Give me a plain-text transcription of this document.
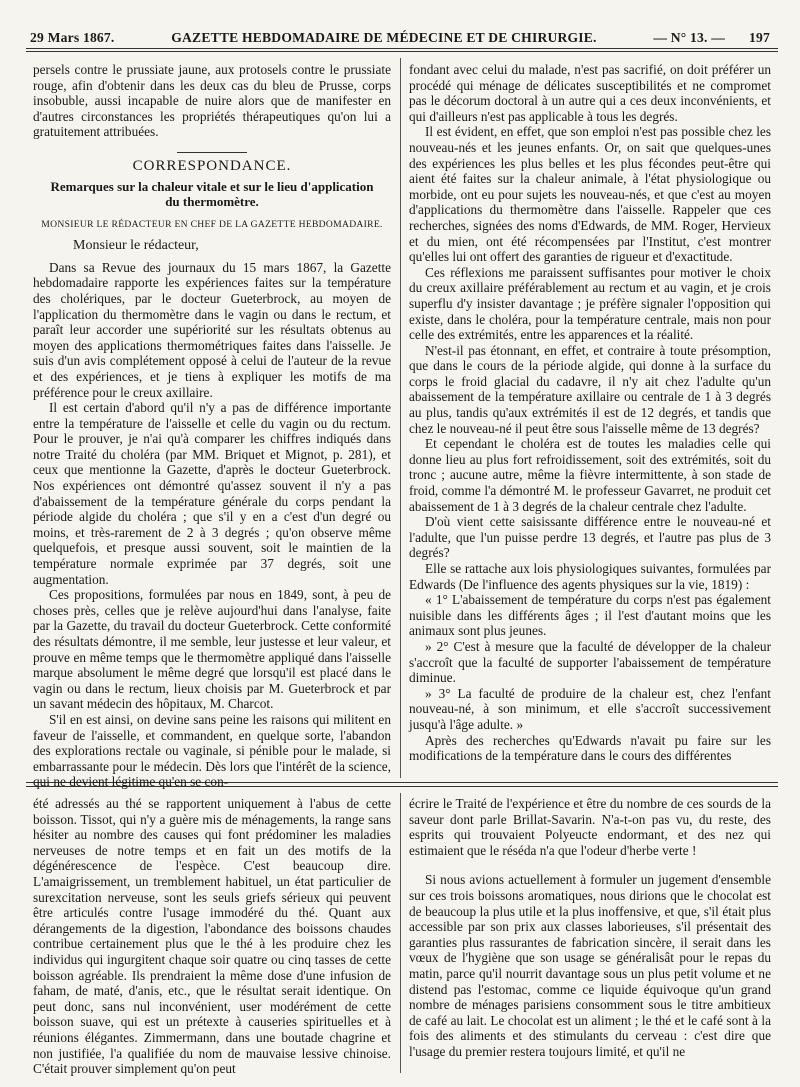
29 Mars 1867.	GAZETTE HEBDOMADAIRE DE MÉDECINE ET DE CHIRURGIE.	— N° 13. — 197

persels contre le prussiate jaune, aux protosels contre le prussiate rouge, afin d'obtenir dans les deux cas du bleu de Prusse, corps insobuble, aussi incapable de nuire alors que de manifester en d'autres circonstances les propriétés thérapeutiques qu'on lui a gratuitement attribuées.

CORRESPONDANCE.

Remarques sur la chaleur vitale et sur le lieu d'application du thermomètre.
MONSIEUR LE RÉDACTEUR EN CHEF DE LA GAZETTE HEBDOMADAIRE.

Monsieur le rédacteur,

Dans sa Revue des journaux du 15 mars 1867, la Gazette hebdomadaire rapporte les expériences faites sur la température des cholériques, par le docteur Gueterbrock, au moyen de l'application du thermomètre dans le vagin ou dans le rectum, et paraît leur accorder une supériorité sur les résultats obtenus au moyen des applications thermométriques faites dans l'aisselle. Je suis d'un avis complétement opposé à celui de l'auteur de la revue et des expériences, et je tiens à expliquer les motifs de ma préférence pour le creux axillaire.

Il est certain d'abord qu'il n'y a pas de différence importante entre la température de l'aisselle et celle du vagin ou du rectum. Pour le prouver, je n'ai qu'à comparer les chiffres indiqués dans notre Traité du choléra (par MM. Briquet et Mignot, p. 281), et ceux que mentionne la Gazette, d'après le docteur Gueterbrock. Nos expériences ont démontré qu'assez souvent il n'y a pas d'abaissement de la température générale du corps pendant la période algide du choléra ; que s'il y en a c'est d'un degré ou moins, et très-rarement de 2 à 3 degrés ; qu'on observe même quelquefois, et presque aussi souvent, soit le maintien de la température normale exprimée par 37 degrés, soit une augmentation.

Ces propositions, formulées par nous en 1849, sont, à peu de choses près, celles que je relève aujourd'hui dans l'analyse, faite par la Gazette, du travail du docteur Gueterbrock. Cette conformité des résultats démontre, il me semble, leur justesse et leur valeur, et prouve en même temps que le thermomètre appliqué dans l'aisselle marque absolument le même degré que lorsqu'il est placé dans le vagin ou dans le rectum, lieux choisis par M. Gueterbrock et par un savant médecin des hôpitaux, M. Charcot.

S'il en est ainsi, on devine sans peine les raisons qui militent en faveur de l'aisselle, et commandent, en quelque sorte, l'abandon des explorations rectale ou vaginale, si pénible pour le malade, si embarrassante pour le médecin. Dès lors que l'intérêt de la science, qui ne devient légitime qu'en se con-

fondant avec celui du malade, n'est pas sacrifié, on doit préférer un procédé qui ménage de délicates susceptibilités et ne compromet pas le décorum doctoral à un autre qui a ces deux inconvénients, et qui d'ailleurs n'est pas applicable à tous les degrés.

Il est évident, en effet, que son emploi n'est pas possible chez les nouveau-nés et les jeunes enfants. Or, on sait que quelques-unes des expériences les plus belles et les plus fécondes peut-être qui aient été faites sur la chaleur animale, à l'état physiologique ou morbide, ont eu pour sujets les nouveau-nés, et que c'est au moyen d'applications du thermomètre dans l'aisselle. Rappeler que ces recherches, signées des noms d'Edwards, de MM. Roger, Hervieux et du mien, ont été récompensées par l'Institut, c'est montrer qu'elles lui ont offert des garanties de rigueur et d'exactitude.

Ces réflexions me paraissent suffisantes pour motiver le choix du creux axillaire préférablement au rectum et au vagin, et je crois superflu d'y insister davantage ; je préfère signaler l'opposition qui existe, dans le choléra, pour la température centrale, mais non pour celle des extrémités, entre les apparences et la réalité.

N'est-il pas étonnant, en effet, et contraire à toute présomption, que dans le cours de la période algide, qui donne à la surface du corps le froid glacial du cadavre, il n'y ait chez l'adulte qu'un abaissement de la température axillaire ou centrale de 1 à 3 degrés au plus, tandis qu'aux extrémités il est de 12 degrés, et tandis que chez le nouveau-né il peut être sous l'aisselle même de 13 degrés?

Et cependant le choléra est de toutes les maladies celle qui donne lieu au plus fort refroidissement, soit des extrémités, soit du tronc ; aucune autre, même la fièvre intermittente, à son stade de froid, comme l'a démontré M. le professeur Gavarret, ne produit cet abaissement de 1 à 3 degrés de la chaleur centrale chez l'adulte.

D'où vient cette saisissante différence entre le nouveau-né et l'adulte, que l'un puisse perdre 13 degrés, et l'autre pas plus de 3 degrés?

Elle se rattache aux lois physiologiques suivantes, formulées par Edwards (De l'influence des agents physiques sur la vie, 1819) :

« 1° L'abaissement de température du corps n'est pas également nuisible dans les différents âges ; il l'est d'autant moins que les animaux sont plus jeunes.

» 2° C'est à mesure que la faculté de développer de la chaleur s'accroît que la faculté de supporter l'abaissement de température diminue.

» 3° La faculté de produire de la chaleur est, chez l'enfant nouveau-né, à son minimum, et elle s'accroît successivement jusqu'à l'âge adulte. »

Après des recherches qu'Edwards n'avait pu faire sur les modifications de la température dans le cours des différentes

été adressés au thé se rapportent uniquement à l'abus de cette boisson. Tissot, qui n'y a guère mis de ménagements, la range sans hésiter au nombre des causes qui font prédominer les maladies nerveuses de notre temps et en fait un des motifs de la dégénérescence de l'espèce. C'est beaucoup dire. L'amaigrissement, un tremblement habituel, un état particulier de surexcitation nerveuse, sont les seuls griefs sérieux qui peuvent être articulés contre l'usage immodéré du thé. Quant aux dérangements de la digestion, l'abondance des boissons chaudes contribue certainement plus que le thé à les produire chez les individus qui ingurgitent chaque soir quatre ou cinq tasses de cette boisson agréable. Ils prendraient la même dose d'une infusion de faham, de maté, d'anis, etc., que le résultat serait identique. On peut donc, sans nul inconvénient, user modérément de cette boisson suave, qui est un prétexte à causeries spirituelles et à réunions élégantes. Zimmermann, dans une boutade chagrine et non justifiée, l'a qualifiée du nom de mauvaise lessive chinoise. C'était prouver simplement qu'on peut

écrire le Traité de l'expérience et être du nombre de ces sourds de la saveur dont parle Brillat-Savarin. N'a-t-on pas vu, du reste, des esprits qui trouvaient Polyeucte endormant, et des nez qui estimaient que le réséda n'a que l'odeur d'herbe verte !

Si nous avions actuellement à formuler un jugement d'ensemble sur ces trois boissons aromatiques, nous dirions que le chocolat est de beaucoup la plus utile et la plus inoffensive, et que, s'il était plus accessible par son prix aux classes laborieuses, s'il présentait des garanties plus rassurantes de fabrication sincère, il serait dans les vœux de l'hygiène que son usage se généralisât pour le repas du matin, parce qu'il nourrit davantage sous un plus petit volume et ne distend pas l'estomac, comme ce liquide équivoque qu'un grand nombre de ménages parisiens consomment sous le titre ambitieux de café au lait. Le chocolat est un aliment ; le thé et le café sont à la fois des aliments et des stimulants du cerveau : c'est dire que l'usage du premier restera toujours limité, et qu'il ne
